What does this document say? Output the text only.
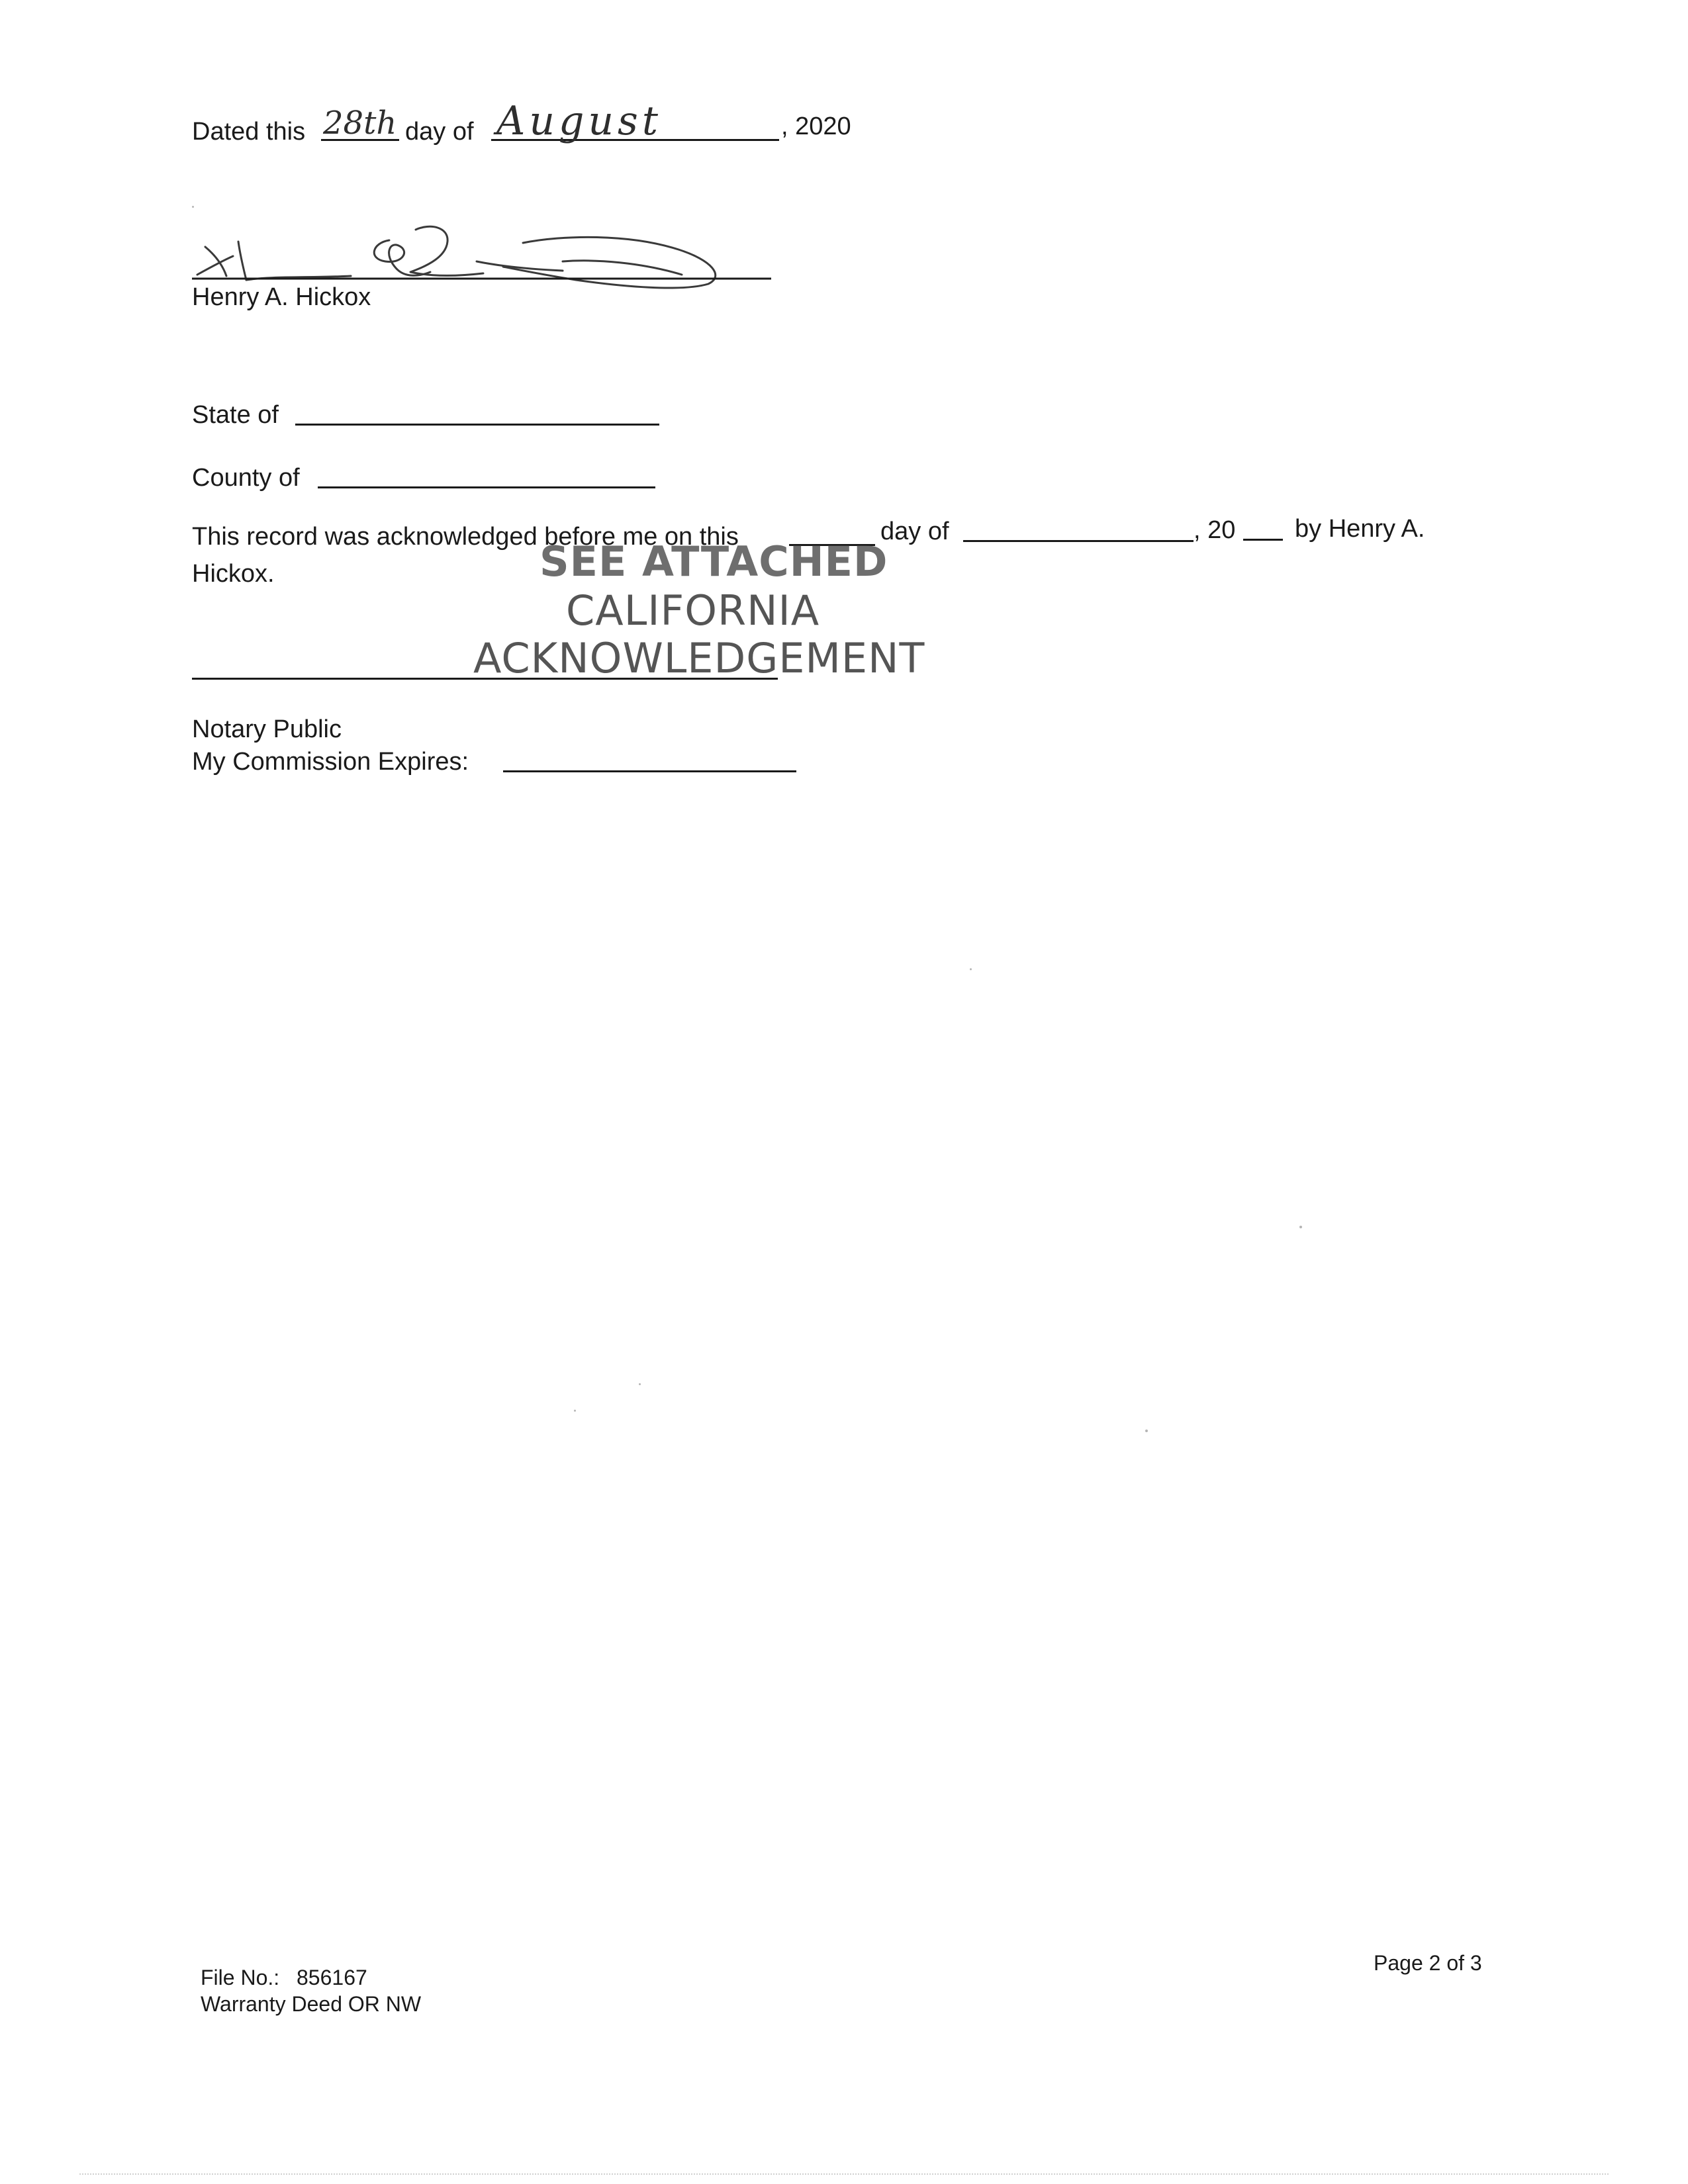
Dated this 28th day of August	, 2020
Henry A. Hickox
State of
County of
This record was acknowledged before me on this	day of	, 20 by Henry A.
Hickox.	SEE ATTACHED
CALIFORNIA
ACKNOWLEDGEMENT
Notary Public
My Commission Expires:
File No.: 856167
Warranty Deed OR NW
Page 2 of 3
